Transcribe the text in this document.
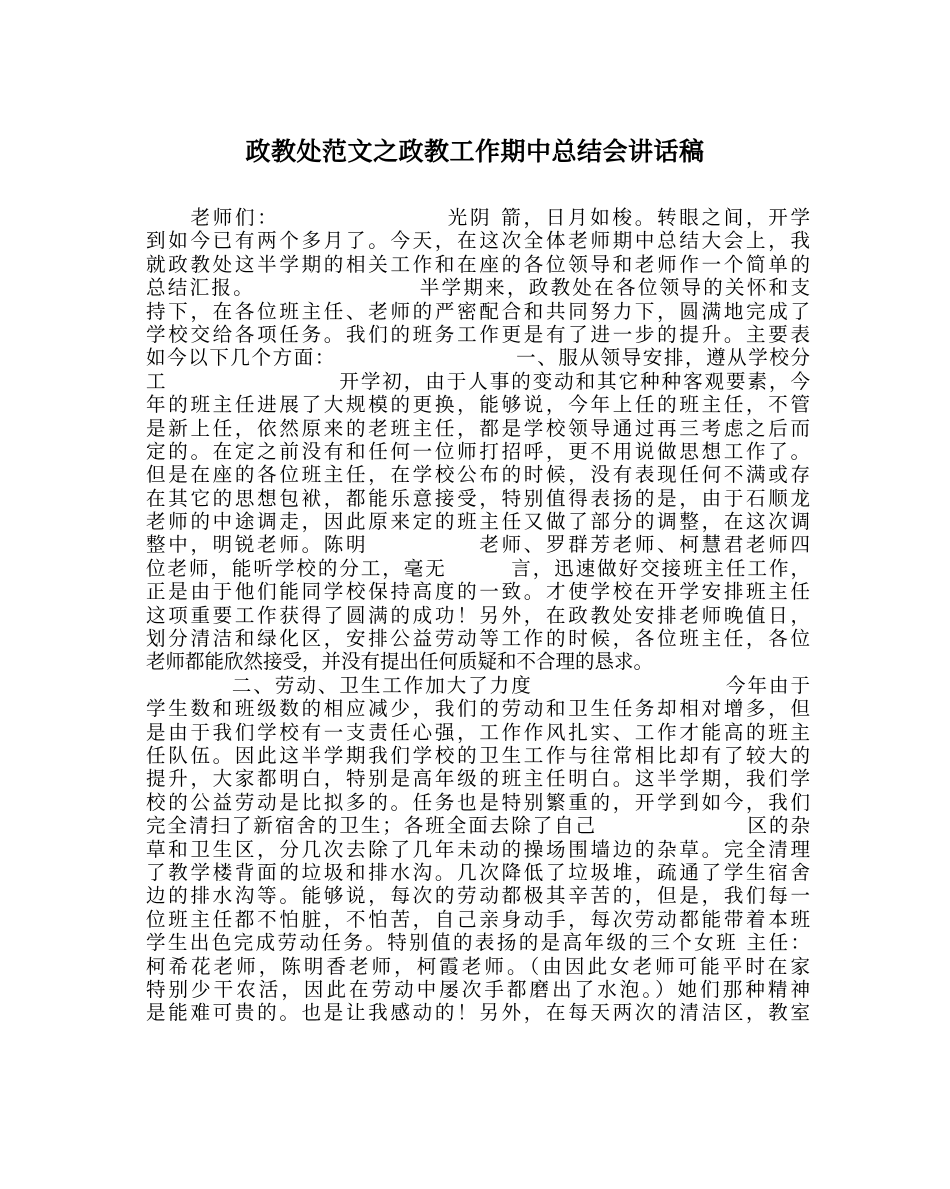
政教处范文之政教工作期中总结会讲话稿
　　老师们：　　　　　　　　光阴 箭，日月如梭。转眼之间，开学
到如今已有两个多月了。今天，在这次全体老师期中总结大会上，我
就政教处这半学期的相关工作和在座的各位领导和老师作一个简单的
总结汇报。　　　　　　　　半学期来，政教处在各位领导的关怀和支
持下，在各位班主任、老师的严密配合和共同努力下，圆满地完成了
学校交给各项任务。我们的班务工作更是有了进一步的提升。主要表
如今以下几个方面：　　　　　　　　　一、服从领导安排，遵从学校分
工　　　　　　　　开学初，由于人事的变动和其它种种客观要素，今
年的班主任进展了大规模的更换，能够说，今年上任的班主任，不管
是新上任，依然原来的老班主任，都是学校领导通过再三考虑之后而
定的。在定之前没有和任何一位师打招呼，更不用说做思想工作了。
但是在座的各位班主任，在学校公布的时候，没有表现任何不满或存
在其它的思想包袱，都能乐意接受，特别值得表扬的是，由于石顺龙
老师的中途调走，因此原来定的班主任又做了部分的调整，在这次调
整中，明锐老师。陈明　　　　　老师、罗群芳老师、柯慧君老师四
位老师，能听学校的分工，毫无　　　言，迅速做好交接班主任工作，
正是由于他们能同学校保持高度的一致。才使学校在开学安排班主任
这项重要工作获得了圆满的成功！另外，在政教处安排老师晚值日，
划分清洁和绿化区，安排公益劳动等工作的时候，各位班主任，各位
老师都能欣然接受，并没有提出任何质疑和不合理的恳求。
　　　　二、劳动、卫生工作加大了力度　　　　　　　　　今年由于
学生数和班级数的相应减少，我们的劳动和卫生任务却相对增多，但
是由于我们学校有一支责任心强，工作作风扎实、工作才能高的班主
任队伍。因此这半学期我们学校的卫生工作与往常相比却有了较大的
提升，大家都明白，特别是高年级的班主任明白。这半学期，我们学
校的公益劳动是比拟多的。任务也是特别繁重的，开学到如今，我们
完全清扫了新宿舍的卫生；各班全面去除了自己　　　　　　　区的杂
草和卫生区，分几次去除了几年未动的操场围墙边的杂草。完全清理
了教学楼背面的垃圾和排水沟。几次降低了垃圾堆，疏通了学生宿舍
边的排水沟等。能够说，每次的劳动都极其辛苦的，但是，我们每一
位班主任都不怕脏，不怕苦，自己亲身动手，每次劳动都能带着本班
学生出色完成劳动任务。特别值的表扬的是高年级的三个女班 主任：
柯希花老师，陈明香老师，柯霞老师。（由因此女老师可能平时在家
特别少干农活，因此在劳动中屡次手都磨出了水泡。）她们那种精神
是能难可贵的。也是让我感动的！另外，在每天两次的清洁区，教室
